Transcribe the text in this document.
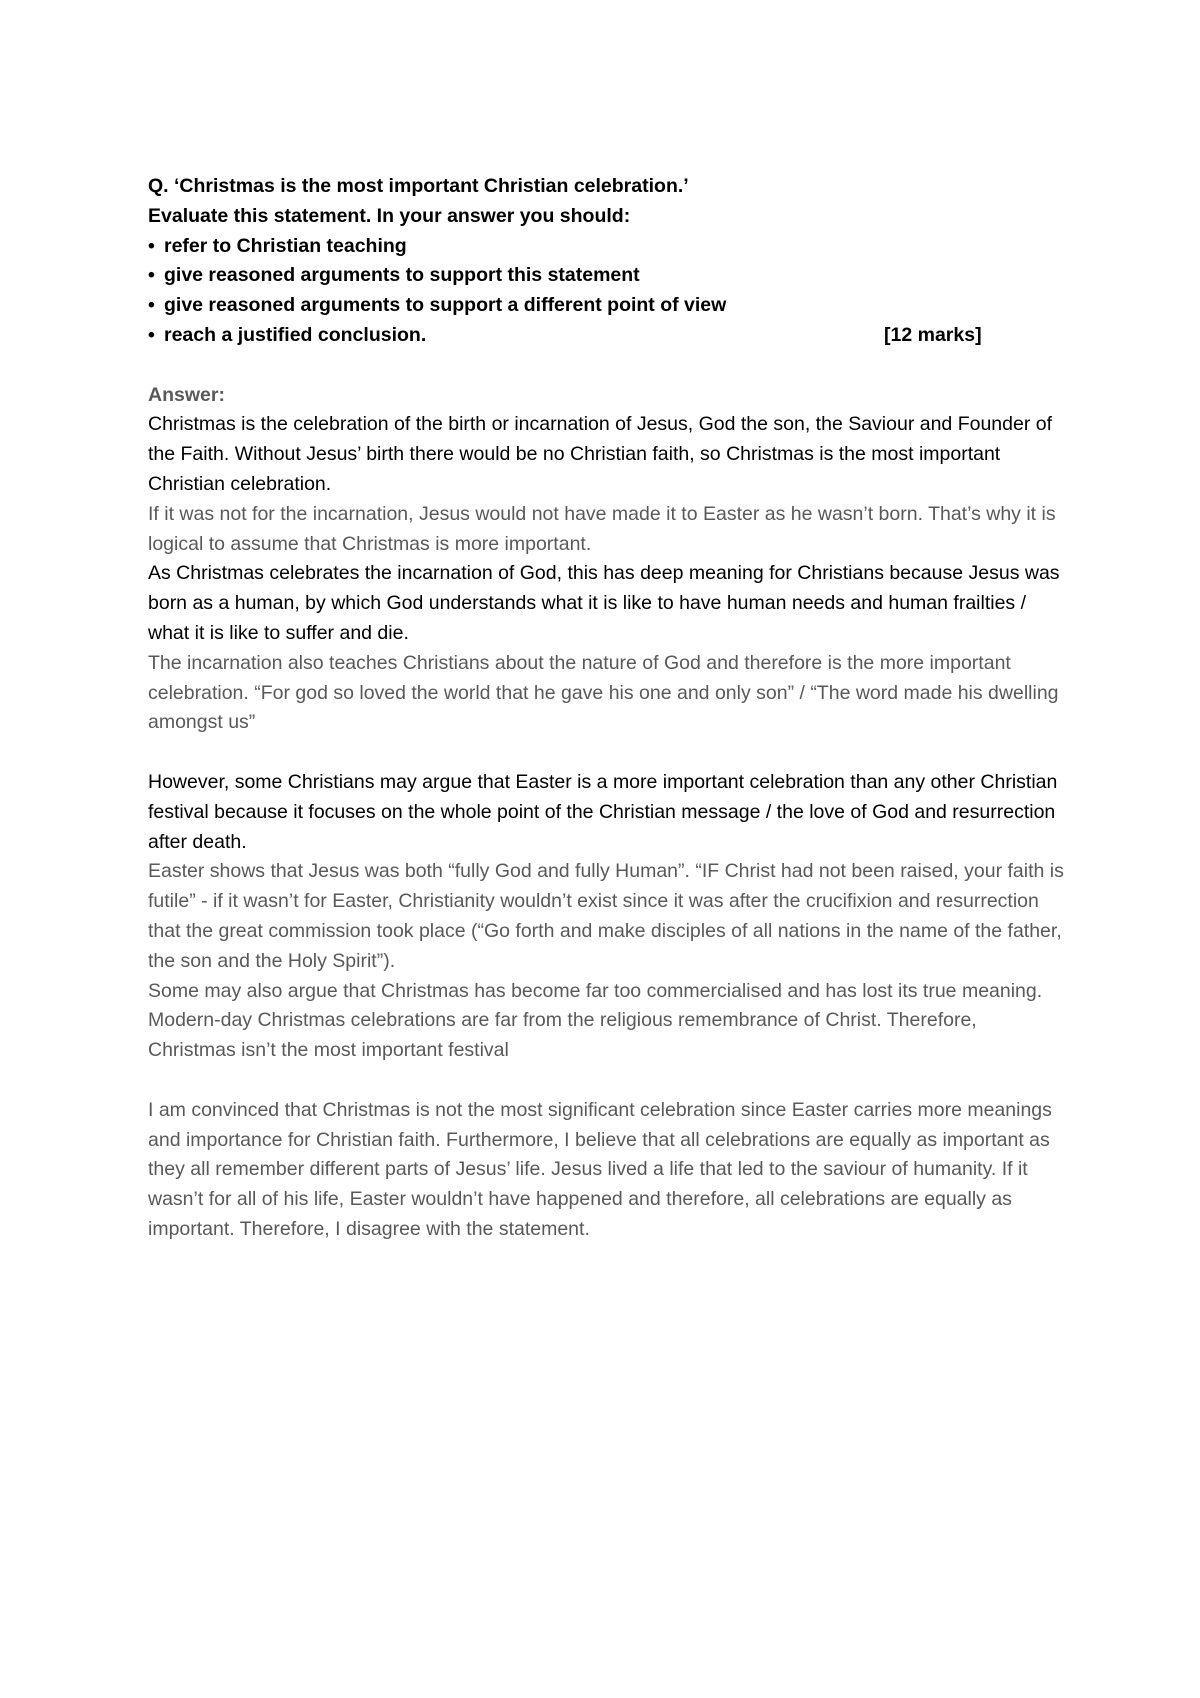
Q. ‘Christmas is the most important Christian celebration.’
Evaluate this statement. In your answer you should:
• refer to Christian teaching
• give reasoned arguments to support this statement
• give reasoned arguments to support a different point of view
• reach a justified conclusion.	[12 marks]
Answer:

Christmas is the celebration of the birth or incarnation of Jesus, God the son, the Saviour and Founder of the Faith. Without Jesus’ birth there would be no Christian faith, so Christmas is the most important Christian celebration.

If it was not for the incarnation, Jesus would not have made it to Easter as he wasn’t born. That’s why it is logical to assume that Christmas is more important.

As Christmas celebrates the incarnation of God, this has deep meaning for Christians because Jesus was born as a human, by which God understands what it is like to have human needs and human frailties / what it is like to suffer and die.

The incarnation also teaches Christians about the nature of God and therefore is the more important celebration. “For god so loved the world that he gave his one and only son” / “The word made his dwelling amongst us”

However, some Christians may argue that Easter is a more important celebration than any other Christian festival because it focuses on the whole point of the Christian message / the love of God and resurrection after death.

Easter shows that Jesus was both “fully God and fully Human”. “IF Christ had not been raised, your faith is futile” - if it wasn’t for Easter, Christianity wouldn’t exist since it was after the crucifixion and resurrection that the great commission took place (“Go forth and make disciples of all nations in the name of the father, the son and the Holy Spirit”).

Some may also argue that Christmas has become far too commercialised and has lost its true meaning. Modern-day Christmas celebrations are far from the religious remembrance of Christ. Therefore, Christmas isn’t the most important festival

I am convinced that Christmas is not the most significant celebration since Easter carries more meanings and importance for Christian faith. Furthermore, I believe that all celebrations are equally as important as they all remember different parts of Jesus’ life. Jesus lived a life that led to the saviour of humanity. If it wasn’t for all of his life, Easter wouldn’t have happened and therefore, all celebrations are equally as important. Therefore, I disagree with the statement.
